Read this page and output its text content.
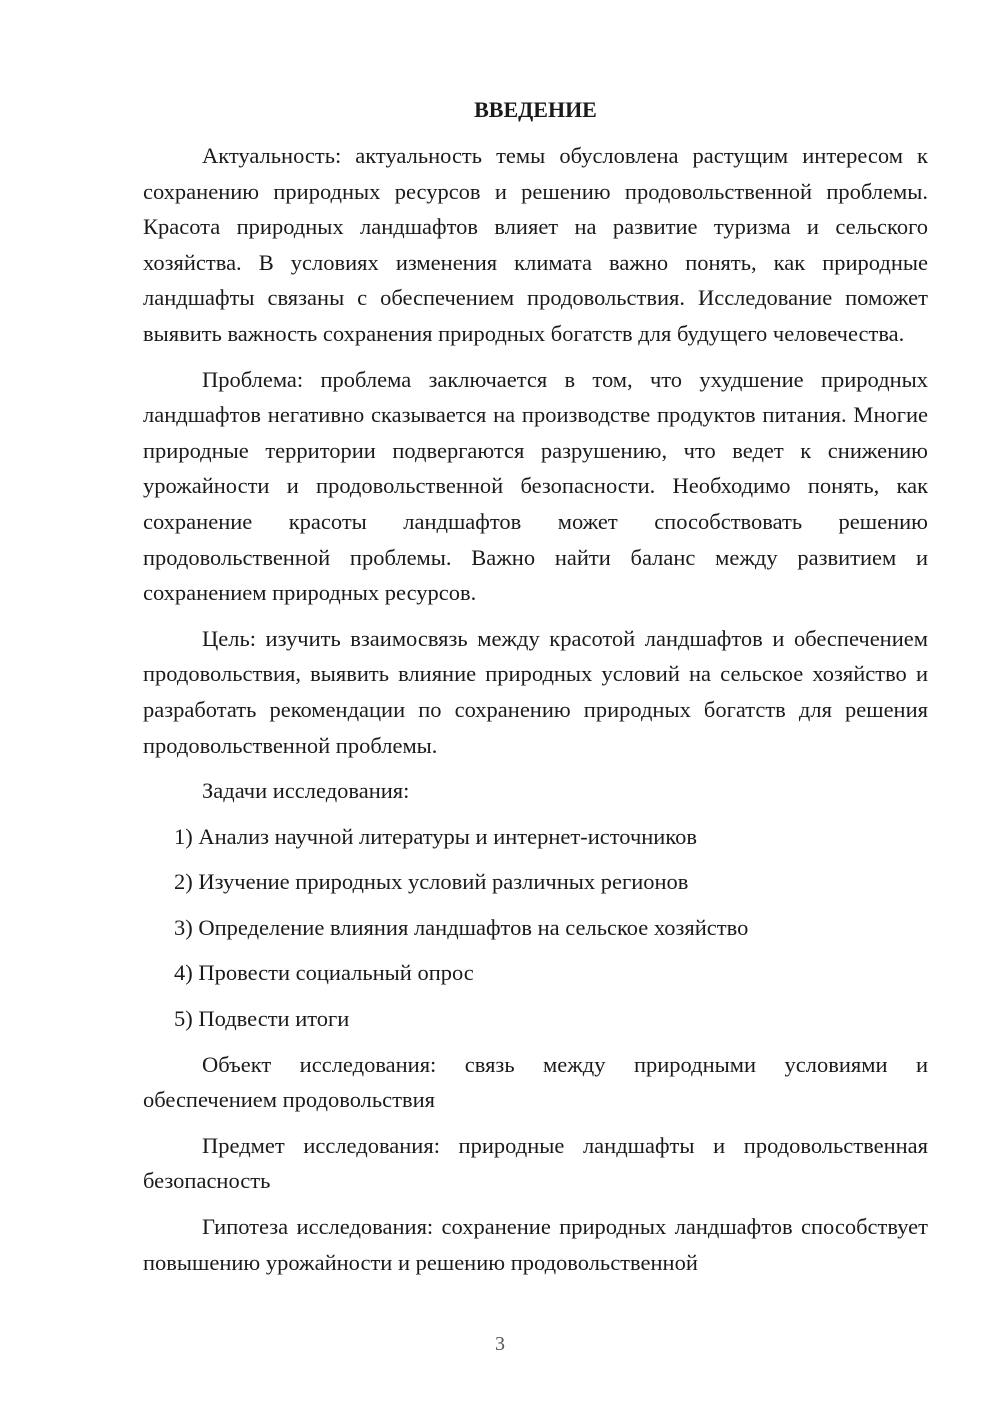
ВВЕДЕНИЕ

Актуальность: актуальность темы обусловлена растущим интересом к сохранению природных ресурсов и решению продовольственной проблемы. Красота природных ландшафтов влияет на развитие туризма и сельского хозяйства. В условиях изменения климата важно понять, как природные ландшафты связаны с обеспечением продовольствия. Исследование поможет выявить важность сохранения природных богатств для будущего человечества.

Проблема: проблема заключается в том, что ухудшение природных ландшафтов негативно сказывается на производстве продуктов питания. Многие природные территории подвергаются разрушению, что ведет к снижению урожайности и продовольственной безопасности. Необходимо понять, как сохранение красоты ландшафтов может способствовать решению продовольственной проблемы. Важно найти баланс между развитием и сохранением природных ресурсов.

Цель: изучить взаимосвязь между красотой ландшафтов и обеспечением продовольствия, выявить влияние природных условий на сельское хозяйство и разработать рекомендации по сохранению природных богатств для решения продовольственной проблемы.

Задачи исследования:

1) Анализ научной литературы и интернет-источников
2) Изучение природных условий различных регионов
3) Определение влияния ландшафтов на сельское хозяйство
4) Провести социальный опрос
5) Подвести итоги

Объект исследования: связь между природными условиями и обеспечением продовольствия

Предмет исследования: природные ландшафты и продовольственная безопасность

Гипотеза исследования: сохранение природных ландшафтов способствует повышению урожайности и решению продовольственной

3
